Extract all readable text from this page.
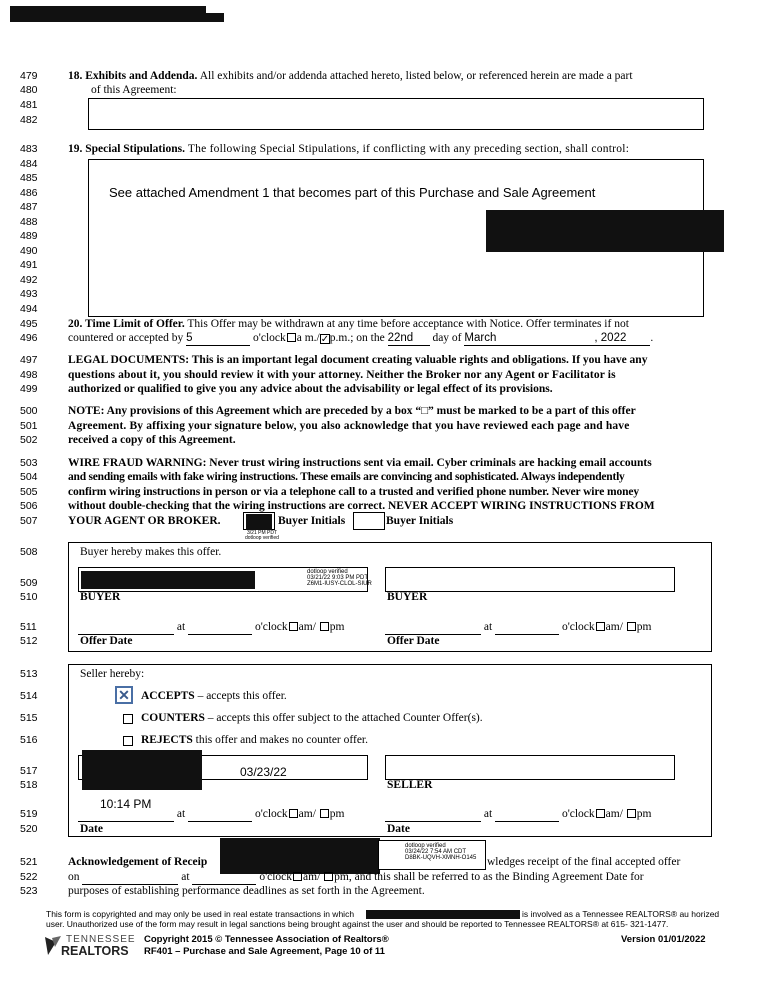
479
480
481
482
483
484
485
486
487
488
489
490
491
492
493
494
495
496
497
498
499
500
501
502
503
504
505
506
507
508
509
510
511
512
513
514
515
516
517
518
519
520
521
522
523
18. Exhibits and Addenda. All exhibits and/or addenda attached hereto, listed below, or referenced herein are made a part
of this Agreement:
19. Special Stipulations. The following Special Stipulations, if conflicting with any preceding section, shall control:
See attached Amendment 1 that becomes part of this Purchase and Sale Agreement
20. Time Limit of Offer. This Offer may be withdrawn at any time before acceptance with Notice. Offer terminates if not
countered or accepted by 5	o'clock a m./✓p.m.; on the 22nd day of March	, 2022 .
LEGAL DOCUMENTS: This is an important legal document creating valuable rights and obligations. If you have any
questions about it, you should review it with your attorney. Neither the Broker nor any Agent or Facilitator is
authorized or qualified to give you any advice about the advisability or legal effect of its provisions.
NOTE: Any provisions of this Agreement which are preceded by a box “□” must be marked to be a part of this offer
Agreement. By affixing your signature below, you also acknowledge that you have reviewed each page and have
received a copy of this Agreement.
WIRE FRAUD WARNING: Never trust wiring instructions sent via email. Cyber criminals are hacking email accounts
and sending emails with fake wiring instructions. These emails are convincing and sophisticated. Always independently
confirm wiring instructions in person or via a telephone call to a trusted and verified phone number. Never wire money
without double-checking that the wiring instructions are correct. NEVER ACCEPT WIRING INSTRUCTIONS FROM
YOUR AGENT OR BROKER.
3/21 PM PDT
dotloop verified
Buyer Initials	Buyer Initials
Buyer hereby makes this offer.
dotloop verified
03/21/22 9:03 PM PDT
Z6M1-IUSY-CLOL-SIUR
BUYER	BUYER
at	o'clock am/ pm
Offer Date
at	o'clock am/ pm
Offer Date
Seller hereby:
✕ ACCEPTS – accepts this offer.
COUNTERS – accepts this offer subject to the attached Counter Offer(s).
REJECTS this offer and makes no counter offer.
03/23/22
SELLER
10:14 PM
at	o'clock am/ pm
Date
at	o'clock am/ pm
Date
Acknowledgement of Receip
dotloop verified
03/24/22 7:54 AM CDT
D8BK-UQVH-XMNH-O145 wledges receipt of the final accepted offer
on	at	o'clock am/ pm, and this shall be referred to as the Binding Agreement Date for
purposes of establishing performance deadlines as set forth in the Agreement.
This form is copyrighted and may only be used in real estate transactions in which	is involved as a Tennessee REALTORS® au horized
user. Unauthorized use of the form may result in legal sanctions being brought against the user and should be reported to Tennessee REALTORS® at 615- 321-1477.
TENNESSEE
REALTORS
Copyright 2015 © Tennessee Association of Realtors®
RF401 – Purchase and Sale Agreement, Page 10 of 11
Version 01/01/2022
